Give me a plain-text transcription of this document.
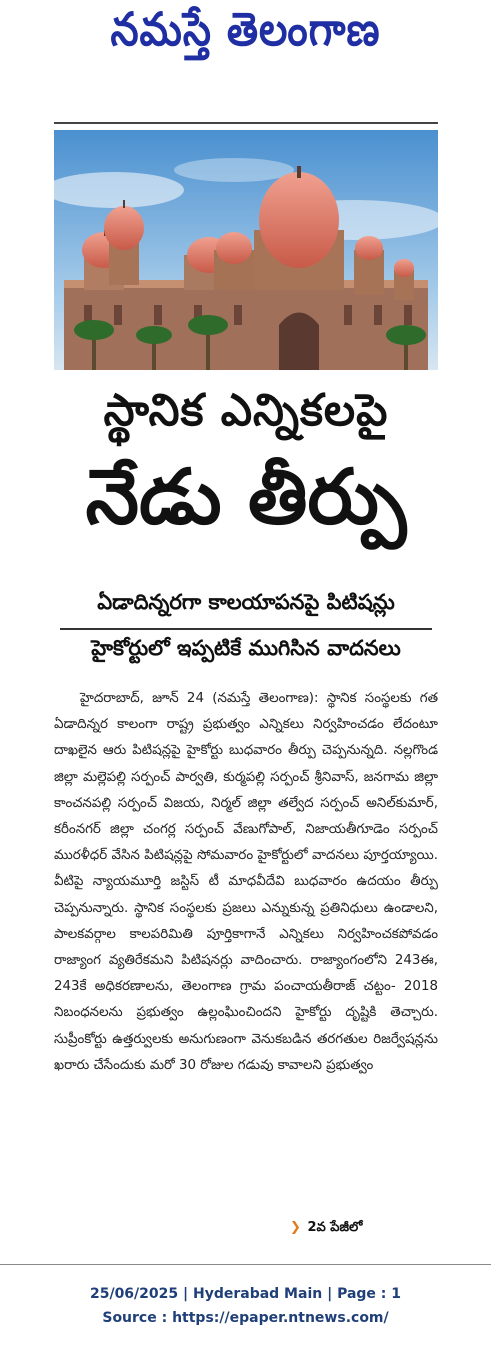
నమస్తే తెలంగాణ
స్థానిక ఎన్నికలపై
నేడు తీర్పు
ఏడాదిన్నరగా కాలయాపనపై పిటిషన్లు
హైకోర్టులో ఇప్పటికే ముగిసిన వాదనలు

హైదరాబాద్, జూన్ 24 (నమస్తే తెలంగాణ): స్థానిక సంస్థలకు గత ఏడాదిన్నర కాలంగా రాష్ట్ర ప్రభుత్వం ఎన్నికలు నిర్వహించడం లేదంటూ దాఖలైన ఆరు పిటిషన్లపై హైకోర్టు బుధవారం తీర్పు చెప్పనున్నది. నల్లగొండ జిల్లా మల్లెపల్లి సర్పంచ్ పార్వతి, కుర్మపల్లి సర్పంచ్ శ్రీనివాస్, జనగామ జిల్లా కాంచనపల్లి సర్పంచ్ విజయ, నిర్మల్ జిల్లా తల్వేద సర్పంచ్ అనిల్‌కుమార్, కరీంనగర్ జిల్లా చంగర్ల సర్పంచ్ వేణుగోపాల్, నిజాయతీగూడెం సర్పంచ్ మురళీధర్ వేసిన పిటిషన్లపై సోమవారం హైకోర్టులో వాదనలు పూర్తయ్యాయి. వీటిపై న్యాయమూర్తి జస్టిస్ టీ మాధవీదేవి బుధవారం ఉదయం తీర్పు చెప్పనున్నారు. స్థానిక సంస్థలకు ప్రజలు ఎన్నుకున్న ప్రతినిధులు ఉండాలని, పాలకవర్గాల కాలపరిమితి పూర్తికాగానే ఎన్నికలు నిర్వహించకపోవడం రాజ్యాంగ వ్యతిరేకమని పిటిషనర్లు వాదించారు. రాజ్యాంగంలోని 243ఈ, 243కే అధికరణాలను, తెలంగాణ గ్రామ పంచాయతీరాజ్ చట్టం- 2018 నిబంధనలను ప్రభుత్వం ఉల్లంఘించిందని హైకోర్టు దృష్టికి తెచ్చారు. సుప్రీంకోర్టు ఉత్తర్వులకు అనుగుణంగా వెనుకబడిన తరగతుల రిజర్వేషన్లను ఖరారు చేసేందుకు మరో 30 రోజుల గడువు కావాలని ప్రభుత్వం

❯ 2వ పేజీలో
25/06/2025 | Hyderabad Main | Page : 1
Source : https://epaper.ntnews.com/
